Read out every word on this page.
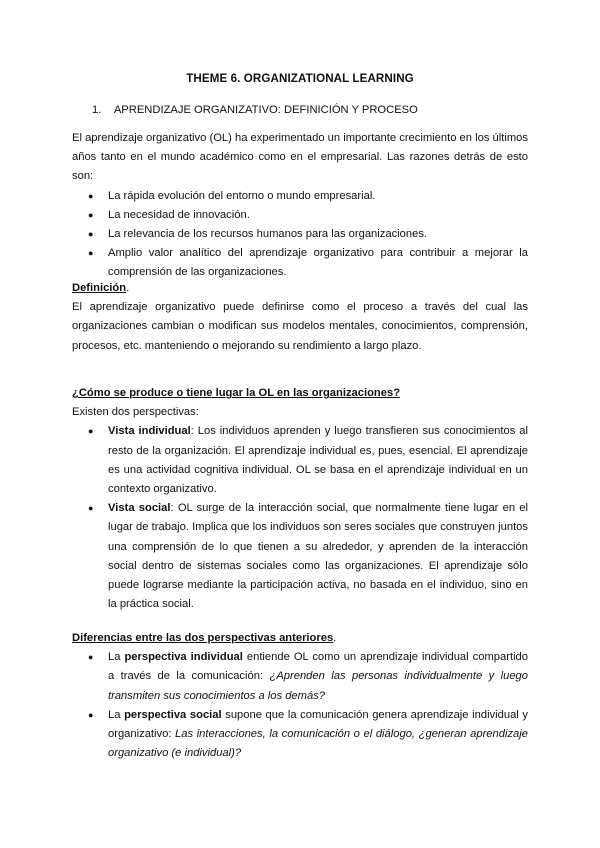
THEME 6. ORGANIZATIONAL LEARNING
1. APRENDIZAJE ORGANIZATIVO: DEFINICIÓN Y PROCESO

El aprendizaje organizativo (OL) ha experimentado un importante crecimiento en los últimos años tanto en el mundo académico como en el empresarial. Las razones detrás de esto son:

● La rápida evolución del entorno o mundo empresarial.
● La necesidad de innovación.
● La relevancia de los recursos humanos para las organizaciones.
● Amplio valor analítico del aprendizaje organizativo para contribuir a mejorar la comprensión de las organizaciones.

Definición.

El aprendizaje organizativo puede definirse como el proceso a través del cual las organizaciones cambian o modifican sus modelos mentales, conocimientos, comprensión, procesos, etc. manteniendo o mejorando su rendimiento a largo plazo.

¿Cómo se produce o tiene lugar la OL en las organizaciones?

Existen dos perspectivas:

● Vista individual: Los individuos aprenden y luego transfieren sus conocimientos al resto de la organización. El aprendizaje individual es, pues, esencial. El aprendizaje es una actividad cognitiva individual. OL se basa en el aprendizaje individual en un contexto organizativo.
● Vista social: OL surge de la interacción social, que normalmente tiene lugar en el lugar de trabajo. Implica que los individuos son seres sociales que construyen juntos una comprensión de lo que tienen a su alrededor, y aprenden de la interacción social dentro de sistemas sociales como las organizaciones. El aprendizaje sólo puede lograrse mediante la participación activa, no basada en el individuo, sino en la práctica social.

Diferencias entre las dos perspectivas anteriores.

● La perspectiva individual entiende OL como un aprendizaje individual compartido a través de la comunicación: ¿Aprenden las personas individualmente y luego transmiten sus conocimientos a los demás?
● La perspectiva social supone que la comunicación genera aprendizaje individual y organizativo: Las interacciones, la comunicación o el diálogo, ¿generan aprendizaje organizativo (e individual)?
